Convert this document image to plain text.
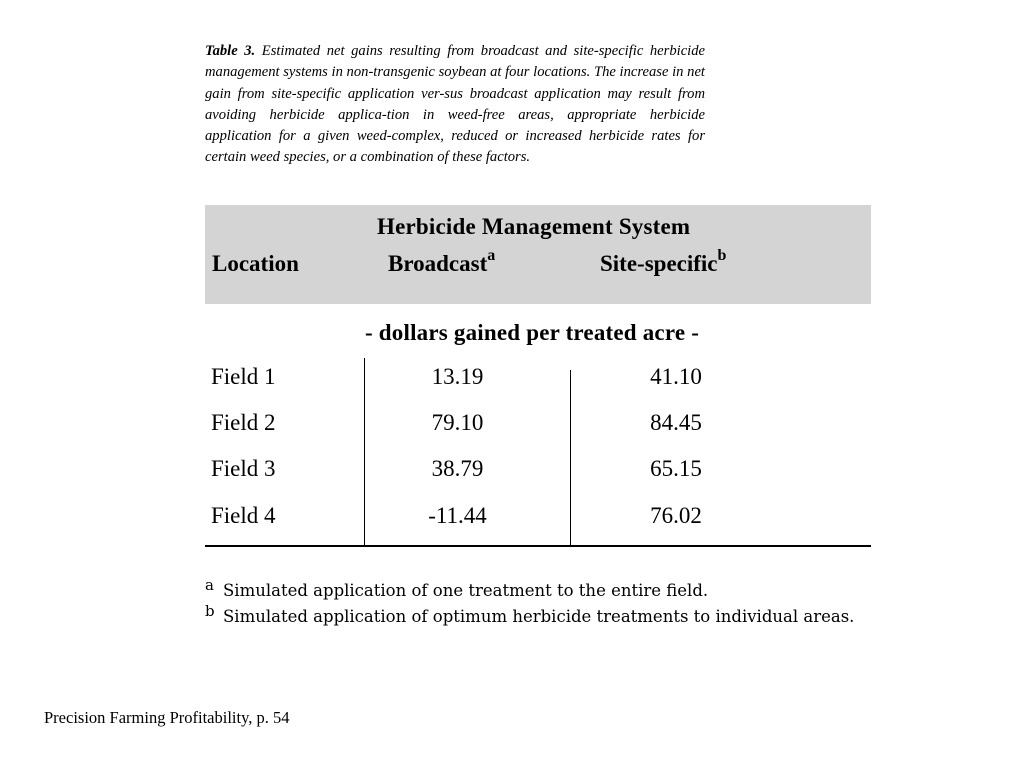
Table 3. Estimated net gains resulting from broadcast and site-specific herbicide management systems in non-transgenic soybean at four locations. The increase in net gain from site-specific application ver-sus broadcast application may result from avoiding herbicide applica-tion in weed-free areas, appropriate herbicide application for a given weed-complex, reduced or increased herbicide rates for certain weed species, or a combination of these factors.
Herbicide Management System
Location	Broadcast$^a$	Site-specific$^b$
- dollars gained per treated acre -
Field 1	13.19	41.10
Field 2	79.10	84.45
Field 3	38.79	65.15
Field 4	-11.44	76.02
a Simulated application of one treatment to the entire field.
b Simulated application of optimum herbicide treatments to individual areas.
Precision Farming Profitability, p. 54
